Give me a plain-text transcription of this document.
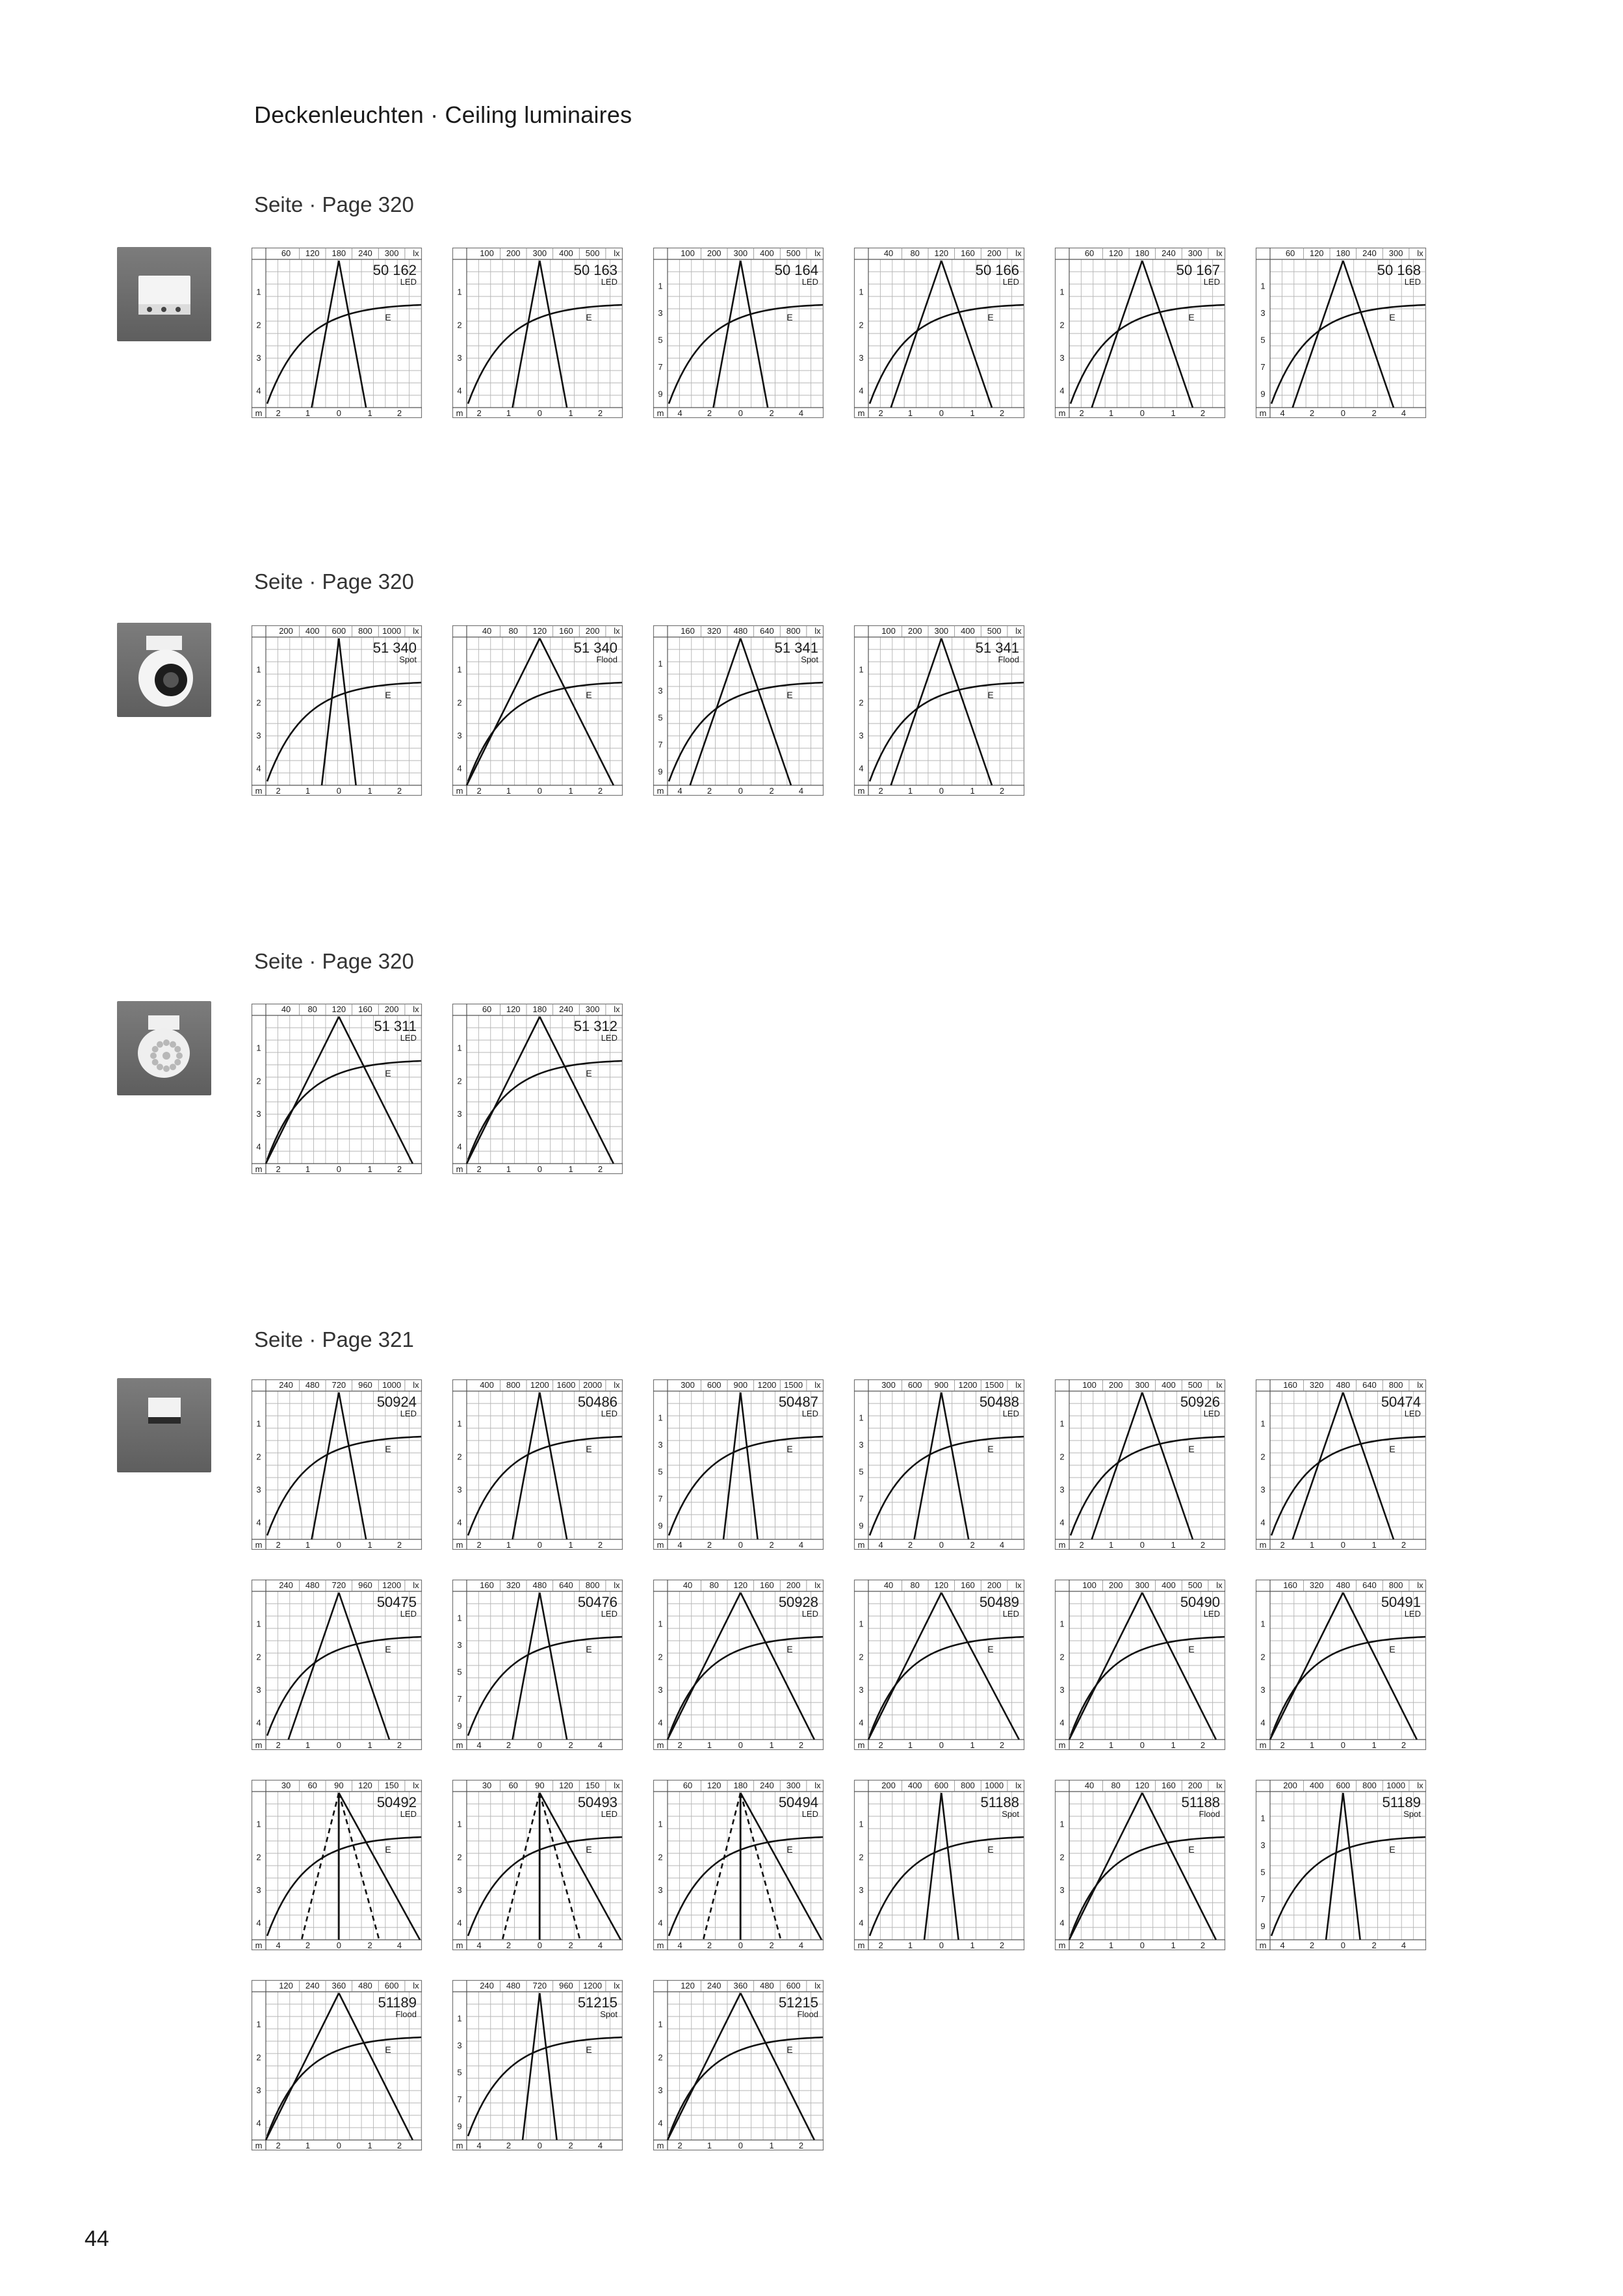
Deckenleuchten · Ceiling luminaires
Seite · Page 320
60 120 180 240 300 lx
50 162
LED
1
2
3
4
2	1	0	1	2
m
E
100 200 300 400 500 lx
50 163
LED
1
2
3
4
2	1	0	1	2
m
E
100 200 300 400 500 lx
50 164
LED
1
3
5
7
9
4	2	0	2	4
m
E
40 80 120 160 200 lx
50 166
LED
1
2
3
4
2	1	0	1	2
m
E
60 120 180 240 300 lx
50 167
LED
1
2
3
4
2	1	0	1	2
m
E
60 120 180 240 300 lx
50 168
LED
1
3
5
7
9
4	2	0	2	4
m
E
Seite · Page 320
200 400 600 800 1000 lx
51 340
Spot
1
2
3
4
2	1	0	1	2
m
E
40 80 120 160 200 lx
51 340
Flood
1
2
3
4
2	1	0	1	2
m
E
160 320 480 640 800 lx
51 341
Spot
1
3
5
7
9
4	2	0	2	4
m
E
100 200 300 400 500 lx
51 341
Flood
1
2
3
4
2	1	0	1	2
m
E
Seite · Page 320
40 80 120 160 200 lx
51 311
LED
1
2
3
4
2	1	0	1	2
m
E
60 120 180 240 300 lx
51 312
LED
1
2
3
4
2	1	0	1	2
m
E
Seite · Page 321
240 480 720 960 1000 lx
50924
LED
1
2
3
4
2	1	0	1	2
m
E
400 800 1200 1600 2000 lx
50486
LED
1
2
3
4
2	1	0	1	2
m
E
300 600 900 1200 1500 lx
50487
LED
1
3
5
7
9
4	2	0	2	4
m
E
300 600 900 1200 1500 lx
50488
LED
1
3
5
7
9
4	2	0	2	4
m
E
100 200 300 400 500 lx
50926
LED
1
2
3
4
2	1	0	1	2
m
E
160 320 480 640 800 lx
50474
LED
1
2
3
4
2	1	0	1	2
m
E
240 480 720 960 1200 lx
50475
LED
1
2
3
4
2	1	0	1	2
m
E
160 320 480 640 800 lx
50476
LED
1
3
5
7
9
4	2	0	2	4
m
E
40 80 120 160 200 lx
50928
LED
1
2
3
4
2	1	0	1	2
m
E
40 80 120 160 200 lx
50489
LED
1
2
3
4
2	1	0	1	2
m
E
100 200 300 400 500 lx
50490
LED
1
2
3
4
2	1	0	1	2
m
E
160 320 480 640 800 lx
50491
LED
1
2
3
4
2	1	0	1	2
m
E
30 60 90 120 150 lx
50492
LED
1
2
3
4
4	2	0	2	4
m
E
30 60 90 120 150 lx
50493
LED
1
2
3
4
4	2	0	2	4
m
E
60 120 180 240 300 lx
50494
LED
1
2
3
4
4	2	0	2	4
m
E
200 400 600 800 1000 lx
51188
Spot
1
2
3
4
2	1	0	1	2
m
E
40 80 120 160 200 lx
51188
Flood
1
2
3
4
2	1	0	1	2
m
E
200 400 600 800 1000 lx
51189
Spot
1
3
5
7
9
4	2	0	2	4
m
E
120 240 360 480 600 lx
51189
Flood
1
2
3
4
2	1	0	1	2
m
E
240 480 720 960 1200 lx
51215
Spot
1
3
5
7
9
4	2	0	2	4
m
E
120 240 360 480 600 lx
51215
Flood
1
2
3
4
2	1	0	1	2
m
E
44
